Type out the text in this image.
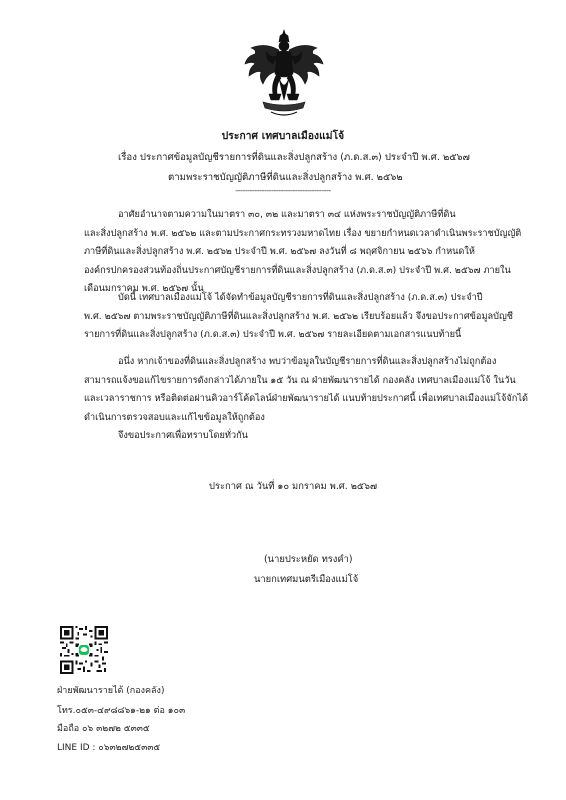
ประกาศ เทศบาลเมืองแม่โจ้
เรื่อง ประกาศข้อมูลบัญชีรายการที่ดินและสิ่งปลูกสร้าง (ภ.ด.ส.๓) ประจำปี พ.ศ. ๒๕๖๗
ตามพระราชบัญญัติภาษีที่ดินและสิ่งปลูกสร้าง พ.ศ. ๒๕๖๒
----------------------------------------

อาศัยอำนาจตามความในมาตรา ๓๐, ๓๒ และมาตรา ๓๔ แห่งพระราชบัญญัติภาษีที่ดิน

และสิ่งปลูกสร้าง พ.ศ. ๒๕๖๒ และตามประกาศกระทรวงมหาดไทย เรื่อง ขยายกำหนดเวลาดำเนินพระราชบัญญัติ

ภาษีที่ดินและสิ่งปลูกสร้าง พ.ศ. ๒๕๖๒ ประจำปี พ.ศ. ๒๕๖๗ ลงวันที่ ๘ พฤศจิกายน ๒๕๖๖ กำหนดให้

องค์กรปกครองส่วนท้องถิ่นประกาศบัญชีรายการที่ดินและสิ่งปลูกสร้าง (ภ.ด.ส.๓) ประจำปี พ.ศ. ๒๕๖๗ ภายใน

เดือนมกราคม พ.ศ. ๒๕๖๗ นั้น

บัดนี้ เทศบาลเมืองแม่โจ้ ได้จัดทำข้อมูลบัญชีรายการที่ดินและสิ่งปลูกสร้าง (ภ.ด.ส.๓) ประจำปี

พ.ศ. ๒๕๖๗ ตามพระราชบัญญัติภาษีที่ดินและสิ่งปลูกสร้าง พ.ศ. ๒๕๖๒ เรียบร้อยแล้ว จึงขอประกาศข้อมูลบัญชี

รายการที่ดินและสิ่งปลูกสร้าง (ภ.ด.ส.๓) ประจำปี พ.ศ. ๒๕๖๗ รายละเอียดตามเอกสารแนบท้ายนี้

อนึ่ง หากเจ้าของที่ดินและสิ่งปลูกสร้าง พบว่าข้อมูลในบัญชีรายการที่ดินและสิ่งปลูกสร้างไม่ถูกต้อง

สามารถแจ้งขอแก้ไขรายการดังกล่าวได้ภายใน ๑๕ วัน ณ ฝ่ายพัฒนารายได้ กองคลัง เทศบาลเมืองแม่โจ้ ในวัน

และเวลาราชการ หรือติดต่อผ่านคิวอาร์โค้ดไลน์ฝ่ายพัฒนารายได้ แนบท้ายประกาศนี้ เพื่อเทศบาลเมืองแม่โจ้จักได้

ดำเนินการตรวจสอบและแก้ไขข้อมูลให้ถูกต้อง

จึงขอประกาศเพื่อทราบโดยทั่วกัน

ประกาศ ณ วันที่ ๑๐ มกราคม พ.ศ. ๒๕๖๗
(นายประหยัด ทรงคำ)
นายกเทศมนตรีเมืองแม่โจ้
ฝ่ายพัฒนารายได้ (กองคลัง)
โทร.๐๕๓-๔๙๘๘๖๑-๒๑ ต่อ ๑๐๓
มือถือ ๐๖ ๓๒๗๒ ๕๓๓๕
LINE ID : ๐๖๓๒๗๒๕๓๓๕
